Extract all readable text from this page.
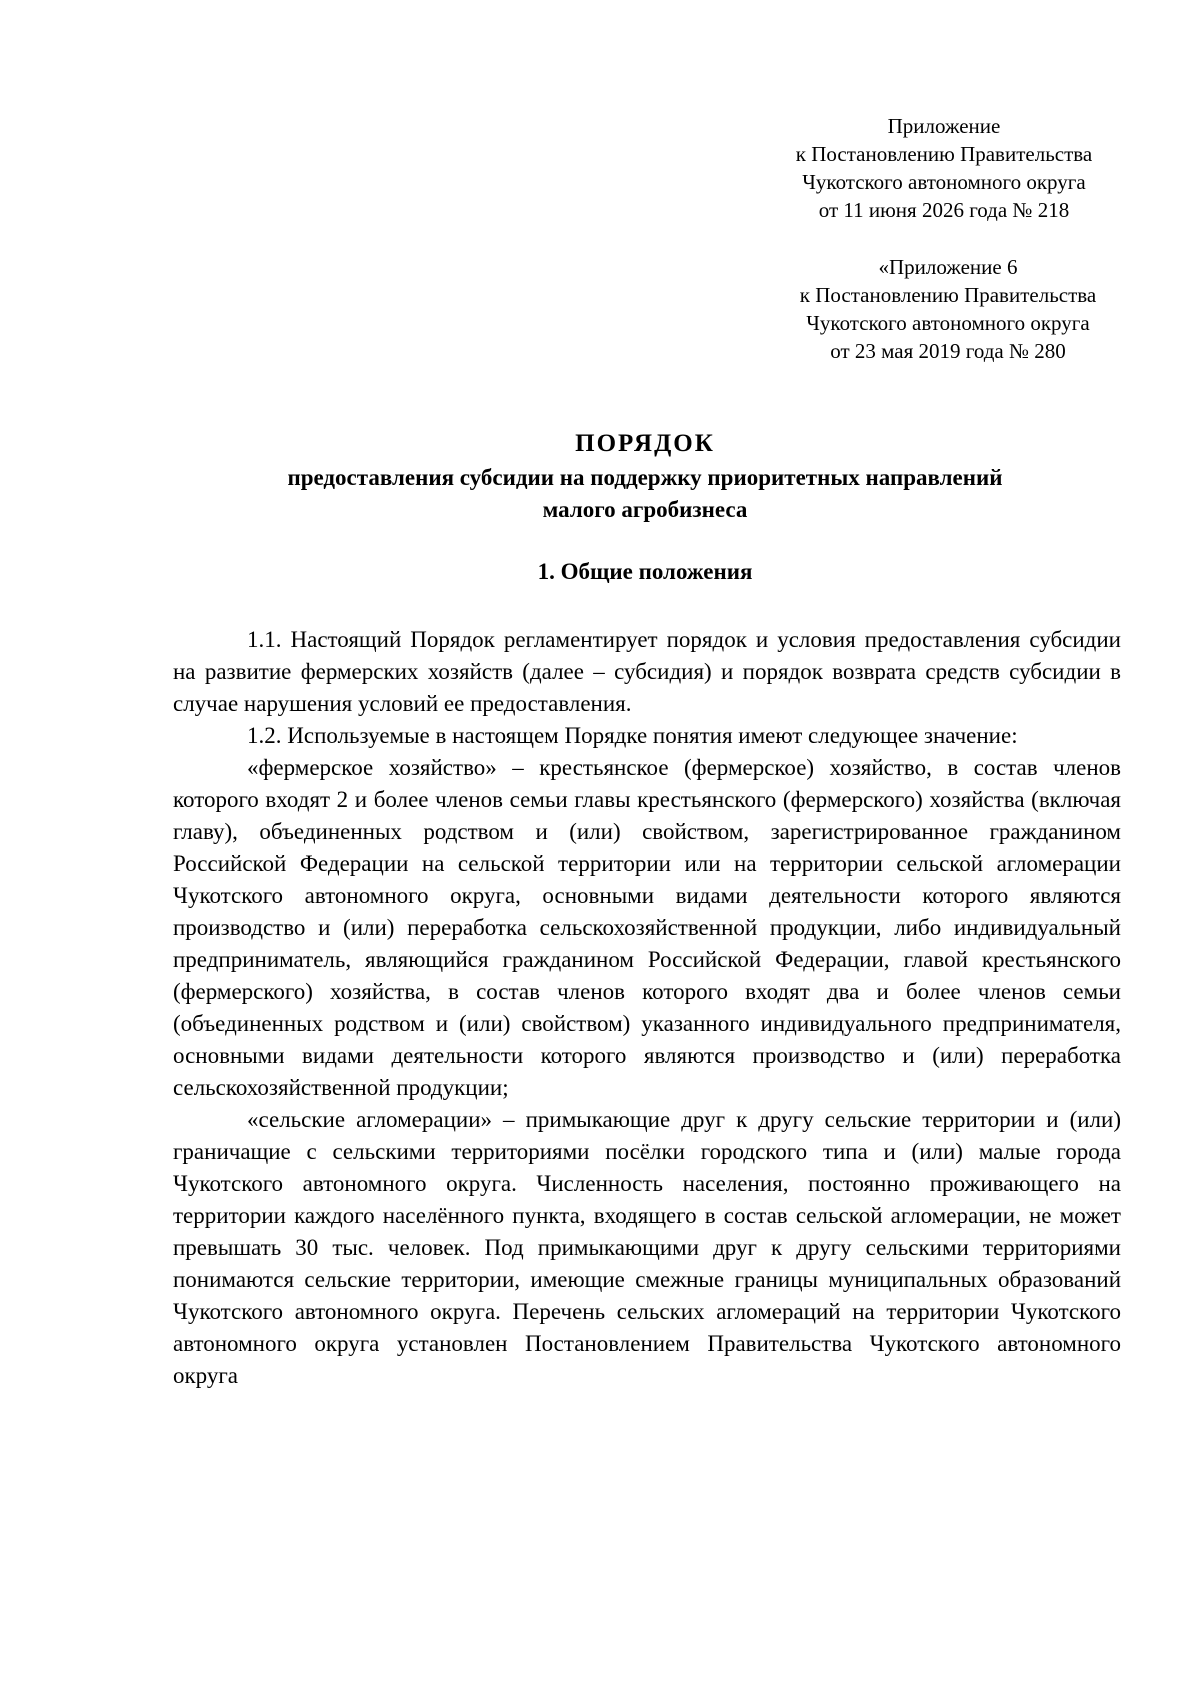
Приложение
к Постановлению Правительства
Чукотского автономного округа
от 11 июня 2026 года № 218
«Приложение 6
к Постановлению Правительства
Чукотского автономного округа
от 23 мая 2019 года № 280
ПОРЯДОК
предоставления субсидии на поддержку приоритетных направлений
малого агробизнеса
1. Общие положения

1.1. Настоящий Порядок регламентирует порядок и условия предоставления субсидии на развитие фермерских хозяйств (далее – субсидия) и порядок возврата средств субсидии в случае нарушения условий ее предоставления.

1.2. Используемые в настоящем Порядке понятия имеют следующее значение:

«фермерское хозяйство» – крестьянское (фермерское) хозяйство, в состав членов которого входят 2 и более членов семьи главы крестьянского (фермерского) хозяйства (включая главу), объединенных родством и (или) свойством, зарегистрированное гражданином Российской Федерации на сельской территории или на территории сельской агломерации Чукотского автономного округа, основными видами деятельности которого являются производство и (или) переработка сельскохозяйственной продукции, либо индивидуальный предприниматель, являющийся гражданином Российской Федерации, главой крестьянского (фермерского) хозяйства, в состав членов которого входят два и более членов семьи (объединенных родством и (или) свойством) указанного индивидуального предпринимателя, основными видами деятельности которого являются производство и (или) переработка сельскохозяйственной продукции;

«сельские агломерации» – примыкающие друг к другу сельские территории и (или) граничащие с сельскими территориями посёлки городского типа и (или) малые города Чукотского автономного округа. Численность населения, постоянно проживающего на территории каждого населённого пункта, входящего в состав сельской агломерации, не может превышать 30 тыс. человек. Под примыкающими друг к другу сельскими территориями понимаются сельские территории, имеющие смежные границы муниципальных образований Чукотского автономного округа. Перечень сельских агломераций на территории Чукотского автономного округа установлен Постановлением Правительства Чукотского автономного округа
